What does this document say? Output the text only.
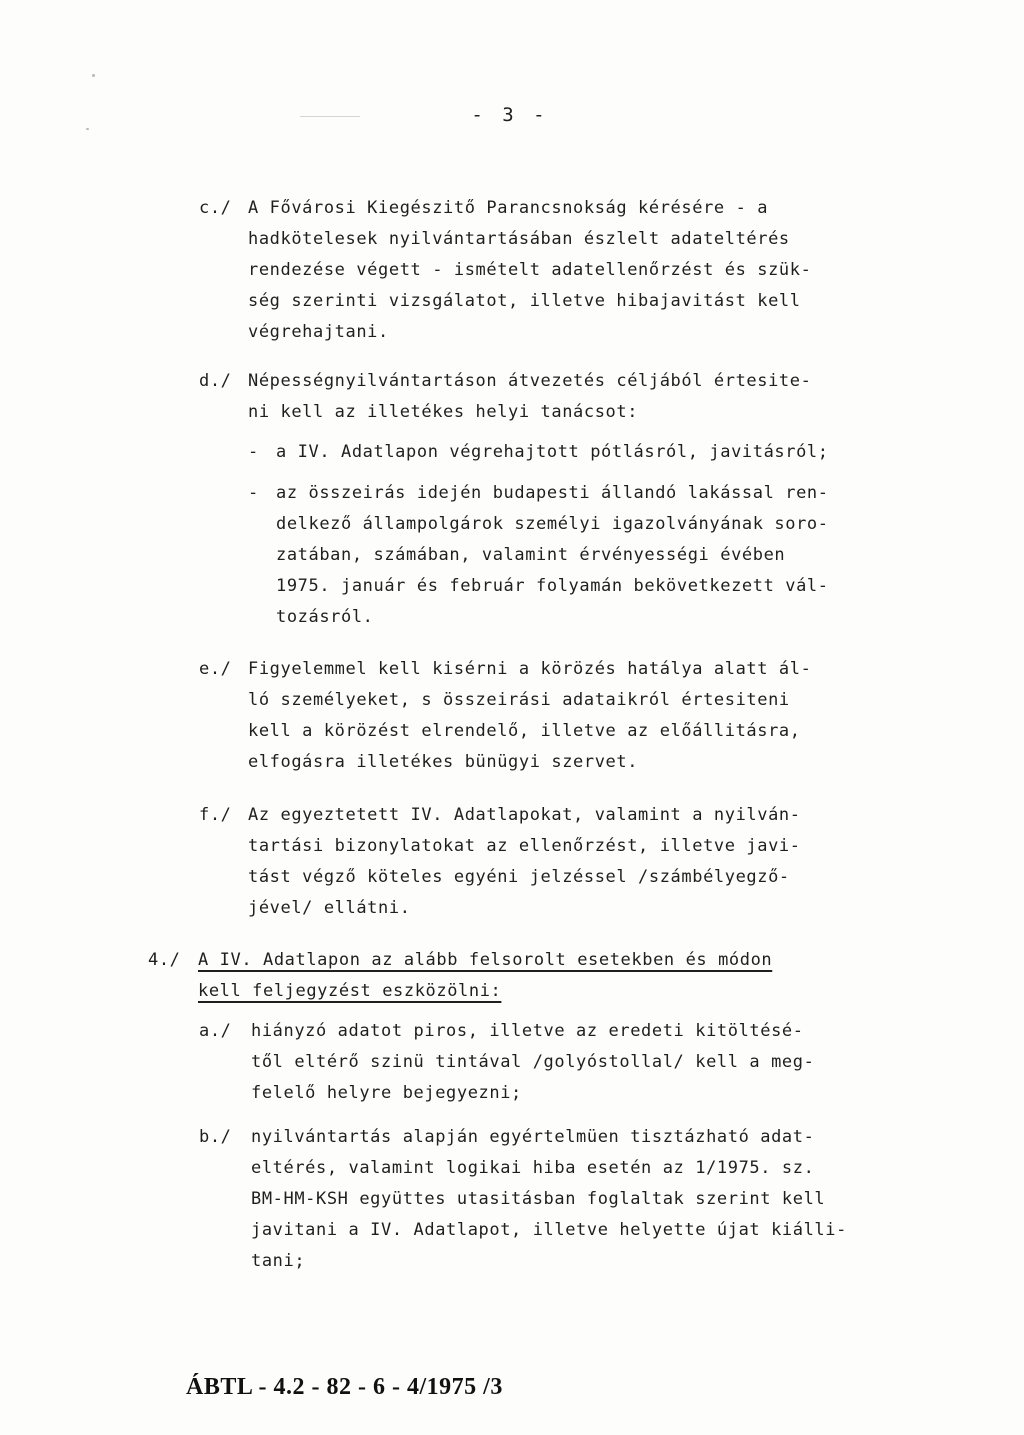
- 3 -
c./ A Fővárosi Kiegészitő Parancsnokság kérésére - a
hadkötelesek nyilvántartásában észlelt adateltérés
rendezése végett - ismételt adatellenőrzést és szük-
ség szerinti vizsgálatot, illetve hibajavitást kell
végrehajtani.
d./ Népességnyilvántartáson átvezetés céljából értesite-
ni kell az illetékes helyi tanácsot:
- a IV. Adatlapon végrehajtott pótlásról, javitásról;
- az összeirás idején budapesti állandó lakással ren-
delkező állampolgárok személyi igazolványának soro-
zatában, számában, valamint érvényességi évében
1975. január és február folyamán bekövetkezett vál-
tozásról.
e./ Figyelemmel kell kisérni a körözés hatálya alatt ál-
ló személyeket, s összeirási adataikról értesiteni
kell a körözést elrendelő, illetve az előállitásra,
elfogásra illetékes bünügyi szervet.
f./ Az egyeztetett IV. Adatlapokat, valamint a nyilván-
tartási bizonylatokat az ellenőrzést, illetve javi-
tást végző köteles egyéni jelzéssel /számbélyegző-
jével/ ellátni.
4./ A IV. Adatlapon az alább felsorolt esetekben és módon
kell feljegyzést eszközölni:
a./ hiányzó adatot piros, illetve az eredeti kitöltésé-
től eltérő szinü tintával /golyóstollal/ kell a meg-
felelő helyre bejegyezni;
b./ nyilvántartás alapján egyértelmüen tisztázható adat-
eltérés, valamint logikai hiba esetén az 1/1975. sz.
BM-HM-KSH együttes utasitásban foglaltak szerint kell
javitani a IV. Adatlapot, illetve helyette újat kiálli-
tani;
ÁBTL - 4.2 - 82 - 6 - 4/1975 /3
